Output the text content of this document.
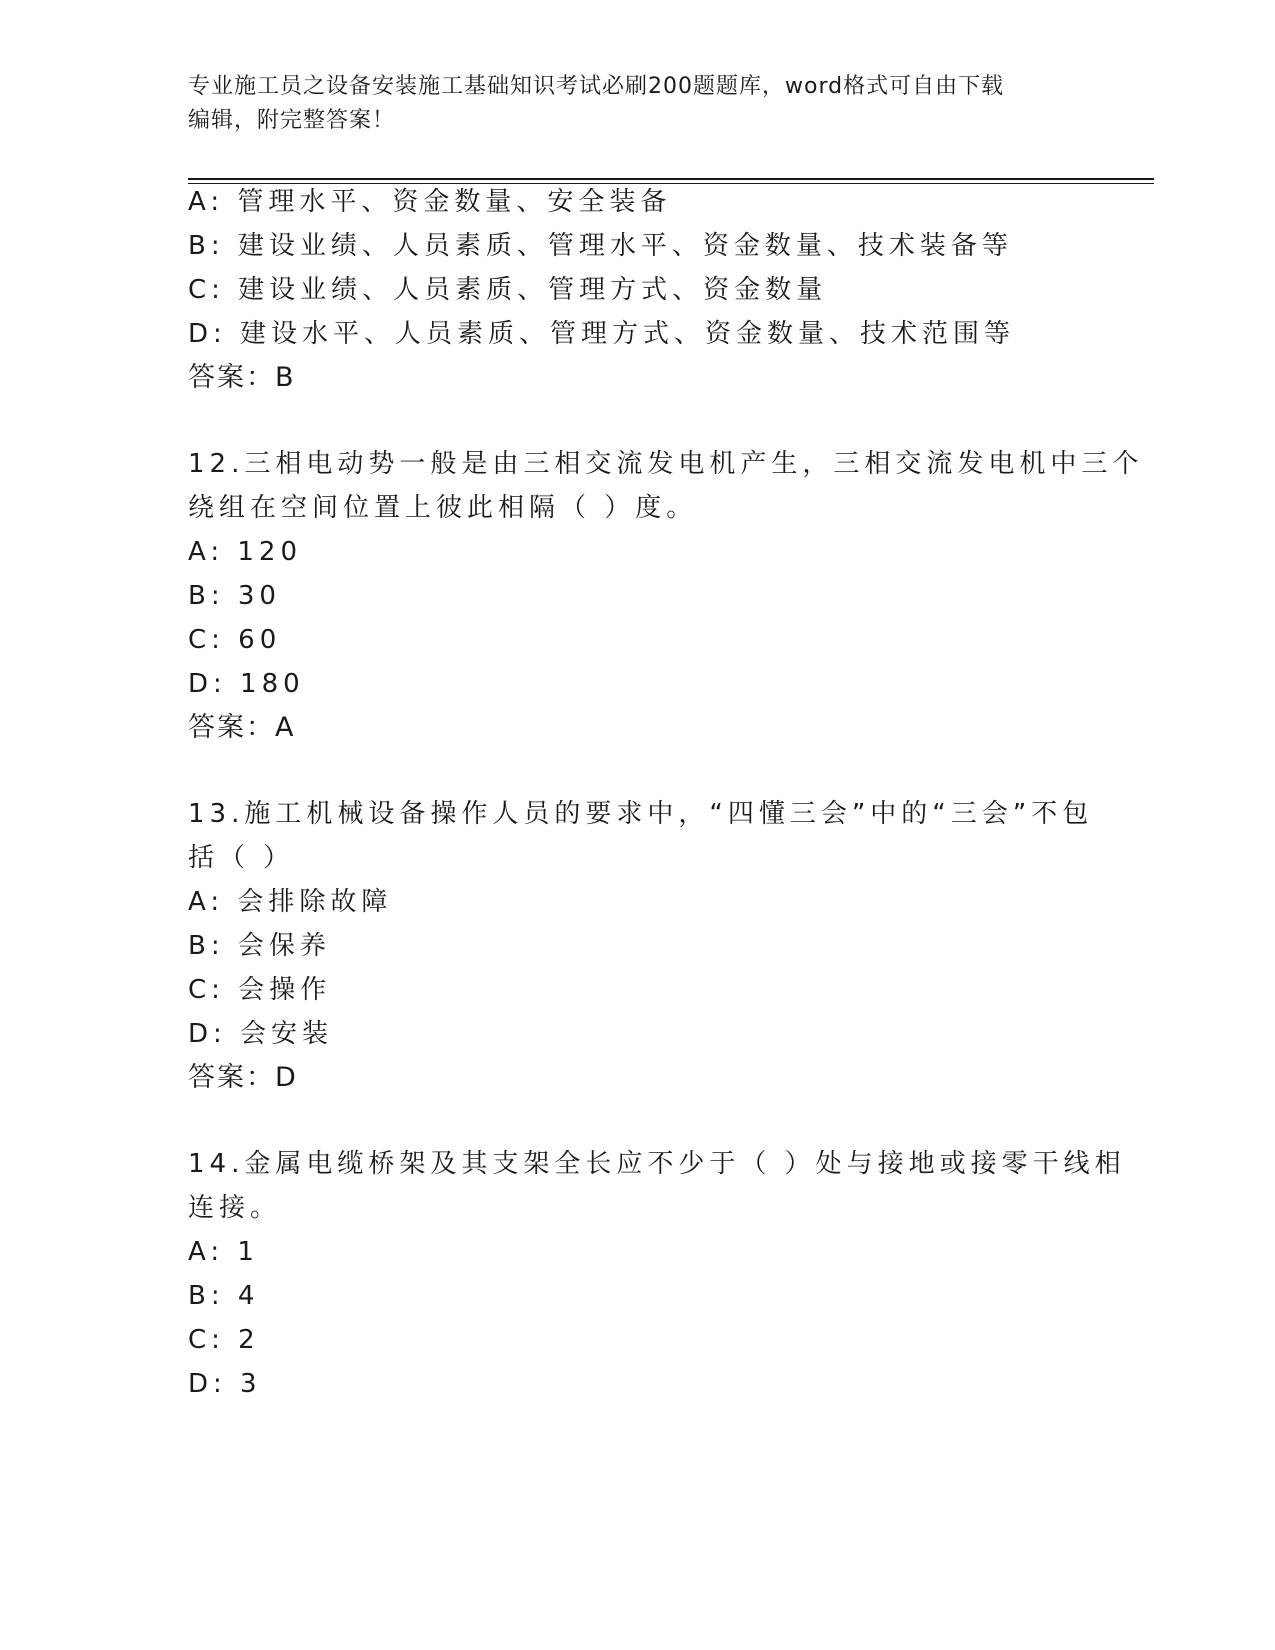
专业施工员之设备安装施工基础知识考试必刷200题题库，word格式可自由下载
编辑，附完整答案！
A: 管理水平、资金数量、安全装备
B: 建设业绩、人员素质、管理水平、资金数量、技术装备等
C: 建设业绩、人员素质、管理方式、资金数量
D: 建设水平、人员素质、管理方式、资金数量、技术范围等
答案：B
12.三相电动势一般是由三相交流发电机产生，三相交流发电机中三个
绕组在空间位置上彼此相隔（ ）度。
A: 120
B: 30
C: 60
D: 180
答案：A
13.施工机械设备操作人员的要求中，“四懂三会”中的“三会”不包
括（ ）
A: 会排除故障
B: 会保养
C: 会操作
D: 会安装
答案：D
14.金属电缆桥架及其支架全长应不少于（ ）处与接地或接零干线相
连接。
A: 1
B: 4
C: 2
D: 3
